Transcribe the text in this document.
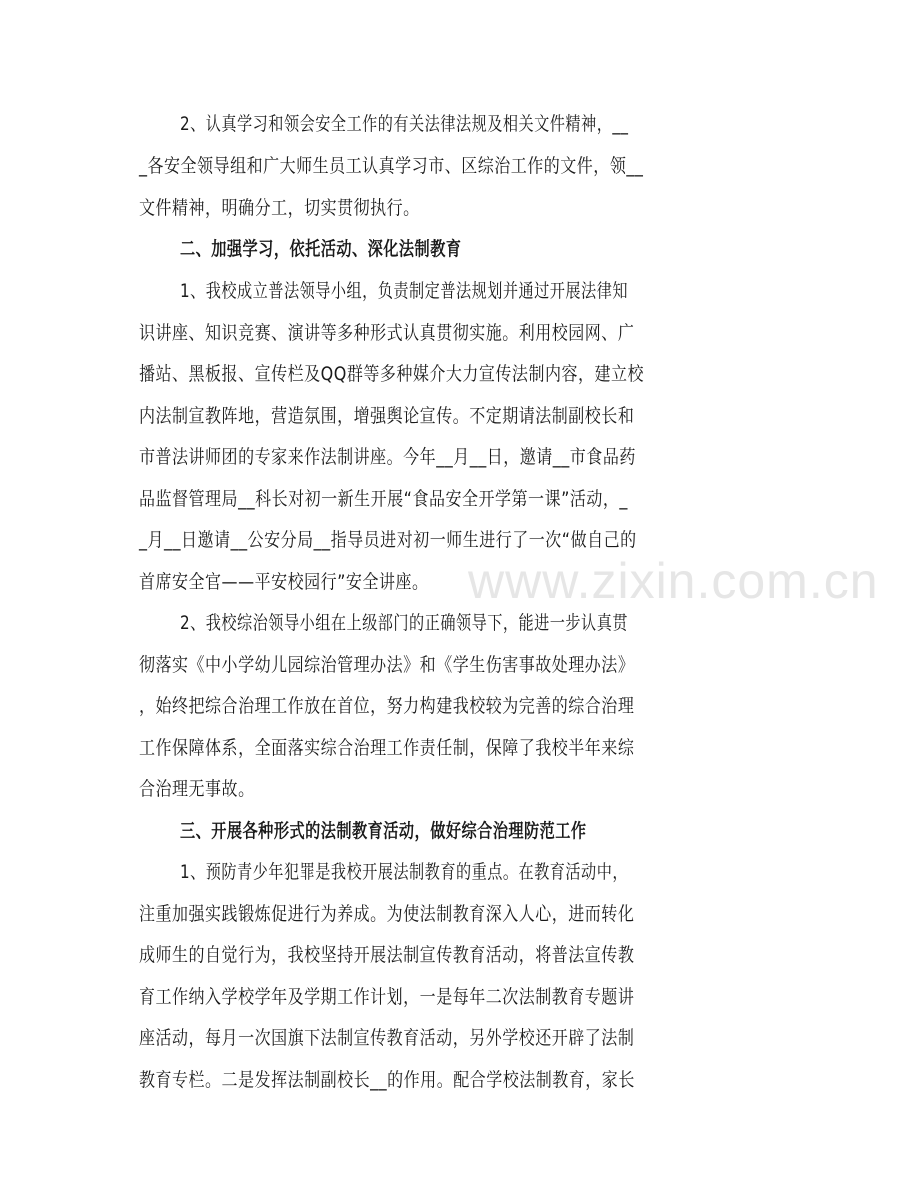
www.zixin.com.cn
2、认真学习和领会安全工作的有关法律法规及相关文件精神，__
_各安全领导组和广大师生员工认真学习市、区综治工作的文件，领__
文件精神，明确分工，切实贯彻执行。
二、加强学习，依托活动、深化法制教育
1、我校成立普法领导小组，负责制定普法规划并通过开展法律知
识讲座、知识竞赛、演讲等多种形式认真贯彻实施。利用校园网、广
播站、黑板报、宣传栏及QQ群等多种媒介大力宣传法制内容，建立校
内法制宣教阵地，营造氛围，增强舆论宣传。不定期请法制副校长和
市普法讲师团的专家来作法制讲座。今年__月__日，邀请__市食品药
品监督管理局__科长对初一新生开展“食品安全开学第一课”活动，_
_月__日邀请__公安分局__指导员进对初一师生进行了一次“做自己的
首席安全官——平安校园行”安全讲座。
2、我校综治领导小组在上级部门的正确领导下，能进一步认真贯
彻落实《中小学幼儿园综治管理办法》和《学生伤害事故处理办法》
，始终把综合治理工作放在首位，努力构建我校较为完善的综合治理
工作保障体系，全面落实综合治理工作责任制，保障了我校半年来综
合治理无事故。
三、开展各种形式的法制教育活动，做好综合治理防范工作
1、预防青少年犯罪是我校开展法制教育的重点。在教育活动中，
注重加强实践锻炼促进行为养成。为使法制教育深入人心，进而转化
成师生的自觉行为，我校坚持开展法制宣传教育活动，将普法宣传教
育工作纳入学校学年及学期工作计划，一是每年二次法制教育专题讲
座活动，每月一次国旗下法制宣传教育活动，另外学校还开辟了法制
教育专栏。二是发挥法制副校长__的作用。配合学校法制教育，家长
